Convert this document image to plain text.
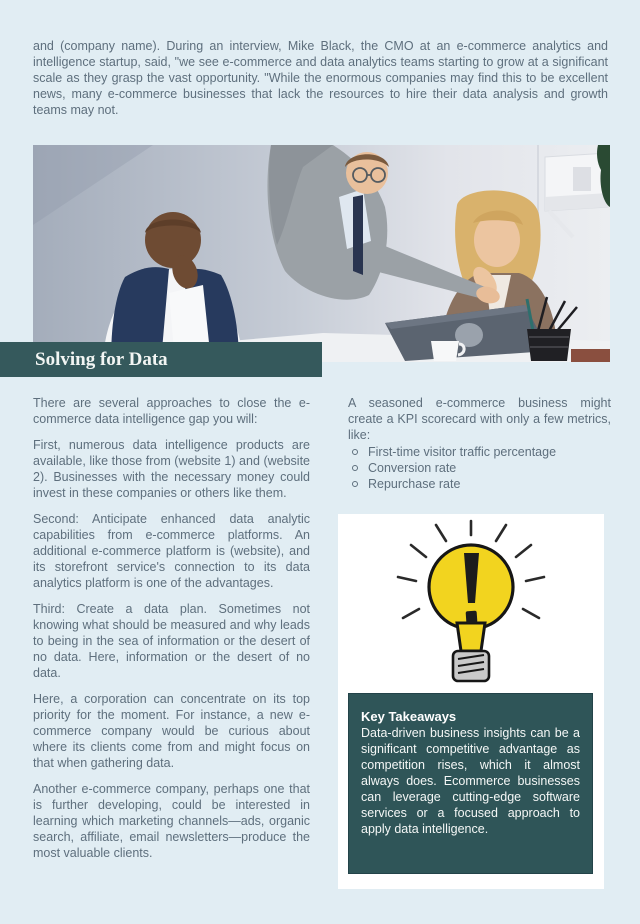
and (company name). During an interview, Mike Black, the CMO at an e-commerce analytics and intelligence startup, said, "we see e-commerce and data analytics teams starting to grow at a significant scale as they grasp the vast opportunity. "While the enormous companies may find this to be excellent news, many e-commerce businesses that lack the resources to hire their data analysis and growth teams may not.

Solving for Data

There are several approaches to close the e-commerce data intelligence gap you will:

First, numerous data intelligence products are available, like those from (website 1) and (website 2). Businesses with the necessary money could invest in these companies or others like them.

Second: Anticipate enhanced data analytic capabilities from e-commerce platforms. An additional e-commerce platform is (website), and its storefront service's connection to its data analytics platform is one of the advantages.

Third: Create a data plan. Sometimes not knowing what should be measured and why leads to being in the sea of information or the desert of no data. Here, information or the desert of no data.

Here, a corporation can concentrate on its top priority for the moment. For instance, a new e-commerce company would be curious about where its clients come from and might focus on that when gathering data.

Another e-commerce company, perhaps one that is further developing, could be interested in learning which marketing channels—ads, organic search, affiliate, email newsletters—produce the most valuable clients.

A seasoned e-commerce business might create a KPI scorecard with only a few metrics, like:

First-time visitor traffic percentage
Conversion rate
Repurchase rate
Key Takeaways

Data-driven business insights can be a significant competitive advantage as competition rises, which it almost always does. Ecommerce businesses can leverage cutting-edge software services or a focused approach to apply data intelligence.
